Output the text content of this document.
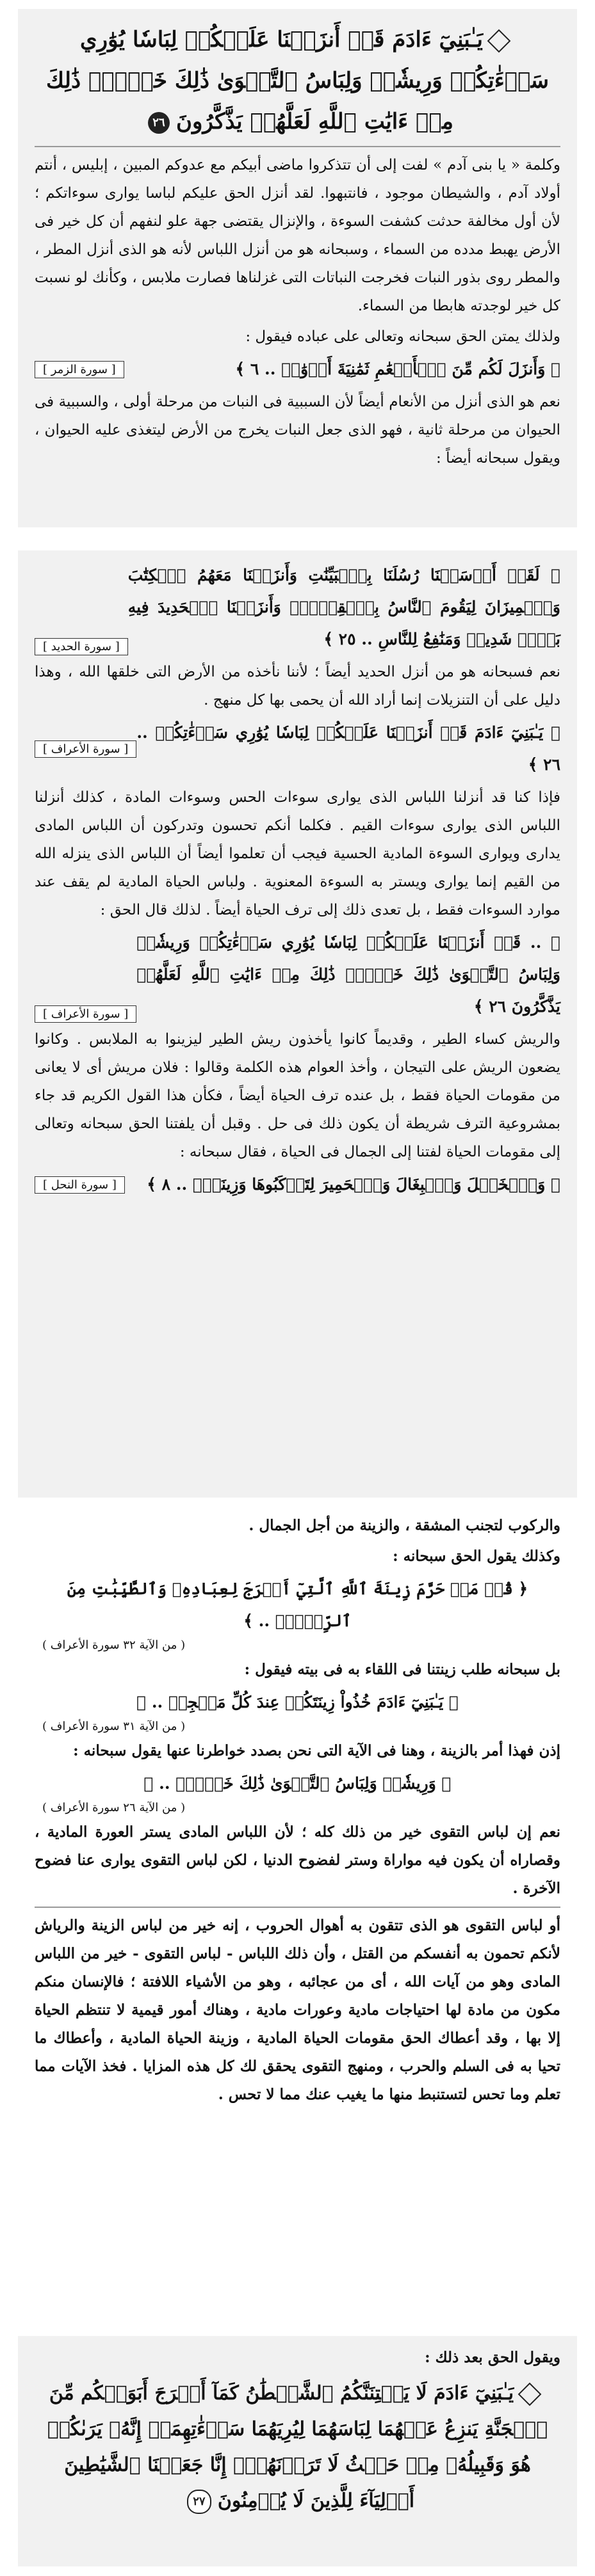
يَـٰبَنِيٓ ءَادَمَ قَدۡ أَنزَلۡنَا عَلَيۡكُمۡ لِبَاسٗا يُوَٰرِي سَوۡءَٰتِكُمۡ وَرِيشٗاۖ وَلِبَاسُ ٱلتَّقۡوَىٰ ذَٰلِكَ خَيۡرٞۚ ذَٰلِكَ مِنۡ ءَايَٰتِ ٱللَّهِ لَعَلَّهُمۡ يَذَّكَّرُونَ٢٦

وكلمة « يا بنى آدم » لفت إلى أن تتذكروا ماضى أبيكم مع عدوكم المبين ، إبليس ، أنتم أولاد آدم ، والشيطان موجود ، فانتبهوا. لقد أنزل الحق عليكم لباسا يوارى سوءاتكم ؛ لأن أول مخالفة حدثت كشفت السوءة ، والإنزال يقتضى جهة علو لنفهم أن كل خير فى الأرض يهبط مدده من السماء ، وسبحانه هو من أنزل اللباس لأنه هو الذى أنزل المطر ، والمطر روى بذور النبات فخرجت النباتات التى غزلناها فصارت ملابس ، وكأنك لو نسبت كل خير لوجدته هابطا من السماء.

ولذلك يمتن الحق سبحانه وتعالى على عباده فيقول :

﴿ وَأَنزَلَ لَكُم مِّنَ ٱلۡأَنۡعَٰمِ ثَمَٰنِيَةَ أَزۡوَٰجٖ .. ٦ ﴾
[ سورة الزمر ]

نعم هو الذى أنزل من الأنعام أيضاً لأن السببية فى النبات من مرحلة أولى ، والسببية فى الحيوان من مرحلة ثانية ، فهو الذى جعل النبات يخرج من الأرض ليتغذى عليه الحيوان ، ويقول سبحانه أيضاً :

﴿ لَقَدۡ أَرۡسَلۡنَا رُسُلَنَا بِٱلۡبَيِّنَٰتِ وَأَنزَلۡنَا مَعَهُمُ ٱلۡكِتَٰبَ وَٱلۡمِيزَانَ لِيَقُومَ ٱلنَّاسُ بِٱلۡقِسۡطِۖ وَأَنزَلۡنَا ٱلۡحَدِيدَ فِيهِ بَأۡسٞ شَدِيدٞ وَمَنَٰفِعُ لِلنَّاسِ .. ٢٥ ﴾
[ سورة الحديد ]

نعم فسبحانه هو من أنزل الحديد أيضاً ؛ لأننا نأخذه من الأرض التى خلقها الله ، وهذا دليل على أن التنزيلات إنما أراد الله أن يحمى بها كل منهج .

﴿ يَـٰبَنِيٓ ءَادَمَ قَدۡ أَنزَلۡنَا عَلَيۡكُمۡ لِبَاسٗا يُوَٰرِي سَوۡءَٰتِكُمۡ .. ٢٦ ﴾
[ سورة الأعراف ]

فإذا كنا قد أنزلنا اللباس الذى يوارى سوءات الحس وسوءات المادة ، كذلك أنزلنا اللباس الذى يوارى سوءات القيم . فكلما أنكم تحسون وتدركون أن اللباس المادى يدارى ويوارى السوءة المادية الحسية فيجب أن تعلموا أيضاً أن اللباس الذى ينزله الله من القيم إنما يوارى ويستر به السوءة المعنوية . ولباس الحياة المادية لم يقف عند موارد السوءات فقط ، بل تعدى ذلك إلى ترف الحياة أيضاً . لذلك قال الحق :

﴿ .. قَدۡ أَنزَلۡنَا عَلَيۡكُمۡ لِبَاسٗا يُوَٰرِي سَوۡءَٰتِكُمۡ وَرِيشٗاۖ وَلِبَاسُ ٱلتَّقۡوَىٰ ذَٰلِكَ خَيۡرٞۚ ذَٰلِكَ مِنۡ ءَايَٰتِ ٱللَّهِ لَعَلَّهُمۡ يَذَّكَّرُونَ ٢٦ ﴾
[ سورة الأعراف ]

والريش كساء الطير ، وقديماً كانوا يأخذون ريش الطير ليزينوا به الملابس . وكانوا يضعون الريش على التيجان ، وأخذ العوام هذه الكلمة وقالوا : فلان مريش أى لا يعانى من مقومات الحياة فقط ، بل عنده ترف الحياة أيضاً ، فكأن هذا القول الكريم قد جاء بمشروعية الترف شريطة أن يكون ذلك فى حل . وقبل أن يلفتنا الحق سبحانه وتعالى إلى مقومات الحياة لفتنا إلى الجمال فى الحياة ، فقال سبحانه :

﴿ وَٱلۡخَيۡلَ وَٱلۡبِغَالَ وَٱلۡحَمِيرَ لِتَرۡكَبُوهَا وَزِينَةٗۚ .. ٨ ﴾
[ سورة النحل ]

والركوب لتجنب المشقة ، والزينة من أجل الجمال .

وكذلك يقول الحق سبحانه :

﴿ قُلۡ مَنۡ حَرَّمَ زِينَةَ ٱللَّهِ ٱلَّتِيٓ أَخۡرَجَ لِعِبَادِهِۦ وَٱلطَّيِّبَٰتِ مِنَ ٱلرِّزۡقِۚ .. ﴾
( من الآية ٣٢ سورة الأعراف )

بل سبحانه طلب زينتنا فى اللقاء به فى بيته فيقول :

﴿ يَـٰبَنِيٓ ءَادَمَ خُذُواْ زِينَتَكُمۡ عِندَ كُلِّ مَسۡجِدٖ .. ﴾
( من الآية ٣١ سورة الأعراف )

إذن فهذا أمر بالزينة ، وهنا فى الآية التى نحن بصدد خواطرنا عنها يقول سبحانه :

﴿ وَرِيشٗاۖ وَلِبَاسُ ٱلتَّقۡوَىٰ ذَٰلِكَ خَيۡرٞۚ .. ﴾
( من الآية ٢٦ سورة الأعراف )

نعم إن لباس التقوى خير من ذلك كله ؛ لأن اللباس المادى يستر العورة المادية ، وقصاراه أن يكون فيه مواراة وستر لفضوح الدنيا ، لكن لباس التقوى يوارى عنا فضوح الآخرة .

أو لباس التقوى هو الذى تتقون به أهوال الحروب ، إنه خير من لباس الزينة والرياش لأنكم تحمون به أنفسكم من القتل ، وأن ذلك اللباس - لباس التقوى - خير من اللباس المادى وهو من آيات الله ، أى من عجائبه ، وهو من الأشياء اللافتة ؛ فالإنسان منكم مكون من مادة لها احتياجات مادية وعورات مادية ، وهناك أمور قيمية لا تنتظم الحياة إلا بها ، وقد أعطاك الحق مقومات الحياة المادية ، وزينة الحياة المادية ، وأعطاك ما تحيا به فى السلم والحرب ، ومنهج التقوى يحقق لك كل هذه المزايا . فخذ الآيات مما تعلم وما تحس لتستنبط منها ما يغيب عنك مما لا تحس .

ويقول الحق بعد ذلك :

يَـٰبَنِيٓ ءَادَمَ لَا يَفۡتِنَنَّكُمُ ٱلشَّيۡطَٰنُ كَمَآ أَخۡرَجَ أَبَوَيۡكُم مِّنَ ٱلۡجَنَّةِ يَنزِعُ عَنۡهُمَا لِبَاسَهُمَا لِيُرِيَهُمَا سَوۡءَٰتِهِمَآۚ إِنَّهُۥ يَرَىٰكُمۡ هُوَ وَقَبِيلُهُۥ مِنۡ حَيۡثُ لَا تَرَوۡنَهُمۡۗ إِنَّا جَعَلۡنَا ٱلشَّيَٰطِينَ أَوۡلِيَآءَ لِلَّذِينَ لَا يُؤۡمِنُونَ٢٧
